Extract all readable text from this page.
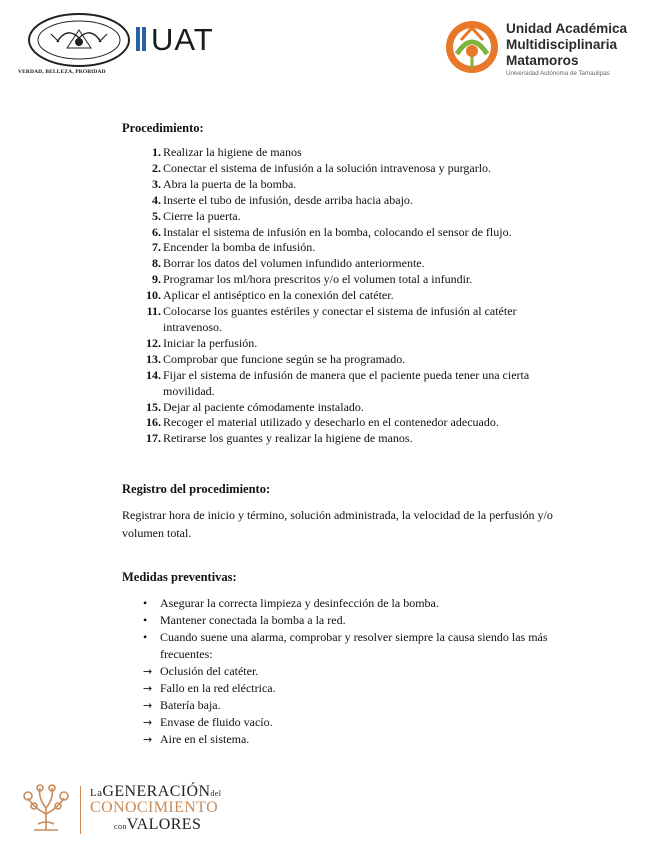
VERDAD, BELLEZA, PROBIDAD
UAT	Unidad Académica
Multidisciplinaria
Matamoros
Universidad Autónoma de Tamaulipas
Procedimiento:
1. Realizar la higiene de manos
2. Conectar el sistema de infusión a la solución intravenosa y purgarlo.
3. Abra la puerta de la bomba.
4. Inserte el tubo de infusión, desde arriba hacia abajo.
5. Cierre la puerta.
6. Instalar el sistema de infusión en la bomba, colocando el sensor de flujo.
7. Encender la bomba de infusión.
8. Borrar los datos del volumen infundido anteriormente.
9. Programar los ml/hora prescritos y/o el volumen total a infundir.
10. Aplicar el antiséptico en la conexión del catéter.
11. Colocarse los guantes estériles y conectar el sistema de infusión al catéter intravenoso.
12. Iniciar la perfusión.
13. Comprobar que funcione según se ha programado.
14. Fijar el sistema de infusión de manera que el paciente pueda tener una cierta movilidad.
15. Dejar al paciente cómodamente instalado.
16. Recoger el material utilizado y desecharlo en el contenedor adecuado.
17. Retirarse los guantes y realizar la higiene de manos.
Registro del procedimiento:

Registrar hora de inicio y término, solución administrada, la velocidad de la perfusión y/o volumen total.

Medidas preventivas:
• Asegurar la correcta limpieza y desinfección de la bomba.
• Mantener conectada la bomba a la red.
• Cuando suene una alarma, comprobar y resolver siempre la causa siendo las más frecuentes:
→ Oclusión del catéter.
→ Fallo en la red eléctrica.
→ Batería baja.
→ Envase de fluido vacío.
→ Aire en el sistema.
LaGENERACIÓNdel
CONOCIMIENTO
conVALORES
